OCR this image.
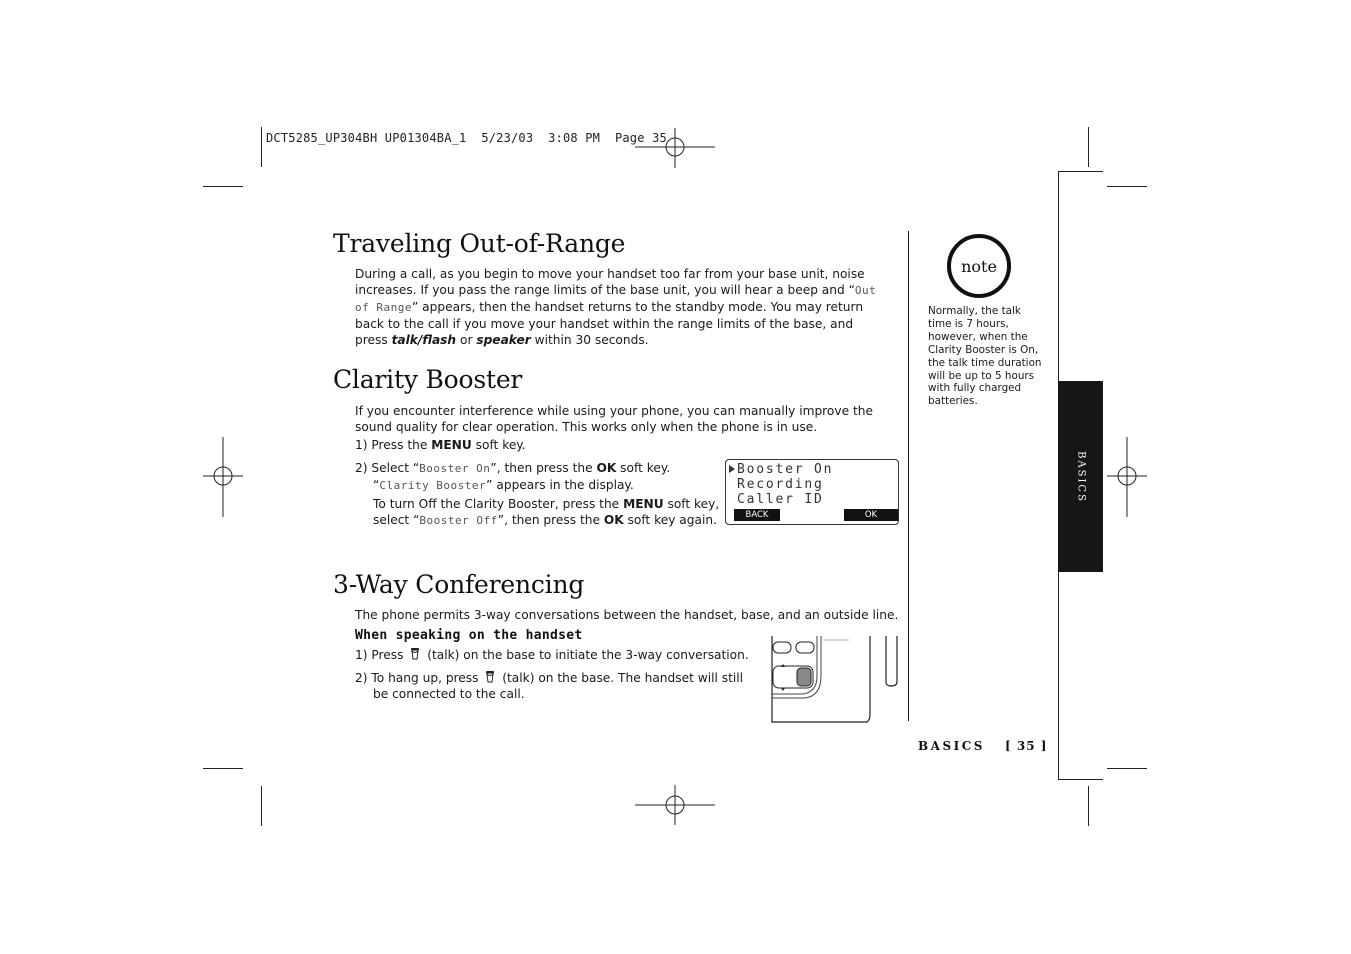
DCT5285_UP304BH UP01304BA_1  5/23/03  3:08 PM  Page 35
Traveling Out-of-Range
During a call, as you begin to move your handset too far from your base unit, noise
increases. If you pass the range limits of the base unit, you will hear a beep and “Out
of Range” appears, then the handset returns to the standby mode. You may return
back to the call if you move your handset within the range limits of the base, and
press talk/flash or speaker within 30 seconds.
Clarity Booster
If you encounter interference while using your phone, you can manually improve the
sound quality for clear operation. This works only when the phone is in use.
1) Press the MENU soft key.
2) Select “Booster On”, then press the OK soft key.
“Clarity Booster” appears in the display.
To turn Off the Clarity Booster, press the MENU soft key,
select “Booster Off”, then press the OK soft key again.
Booster On
Recording
Caller ID
BACK	OK
3-Way Conferencing
The phone permits 3-way conversations between the handset, base, and an outside line.
When speaking on the handset
1) Press  (talk) on the base to initiate the 3-way conversation.
2) To hang up, press  (talk) on the base. The handset will still
be connected to the call.
note
Normally, the talk time is 7 hours, however, when the Clarity Booster is On, the talk time duration will be up to 5 hours with fully charged batteries.
BASICS
BASICS [ 35 ]
